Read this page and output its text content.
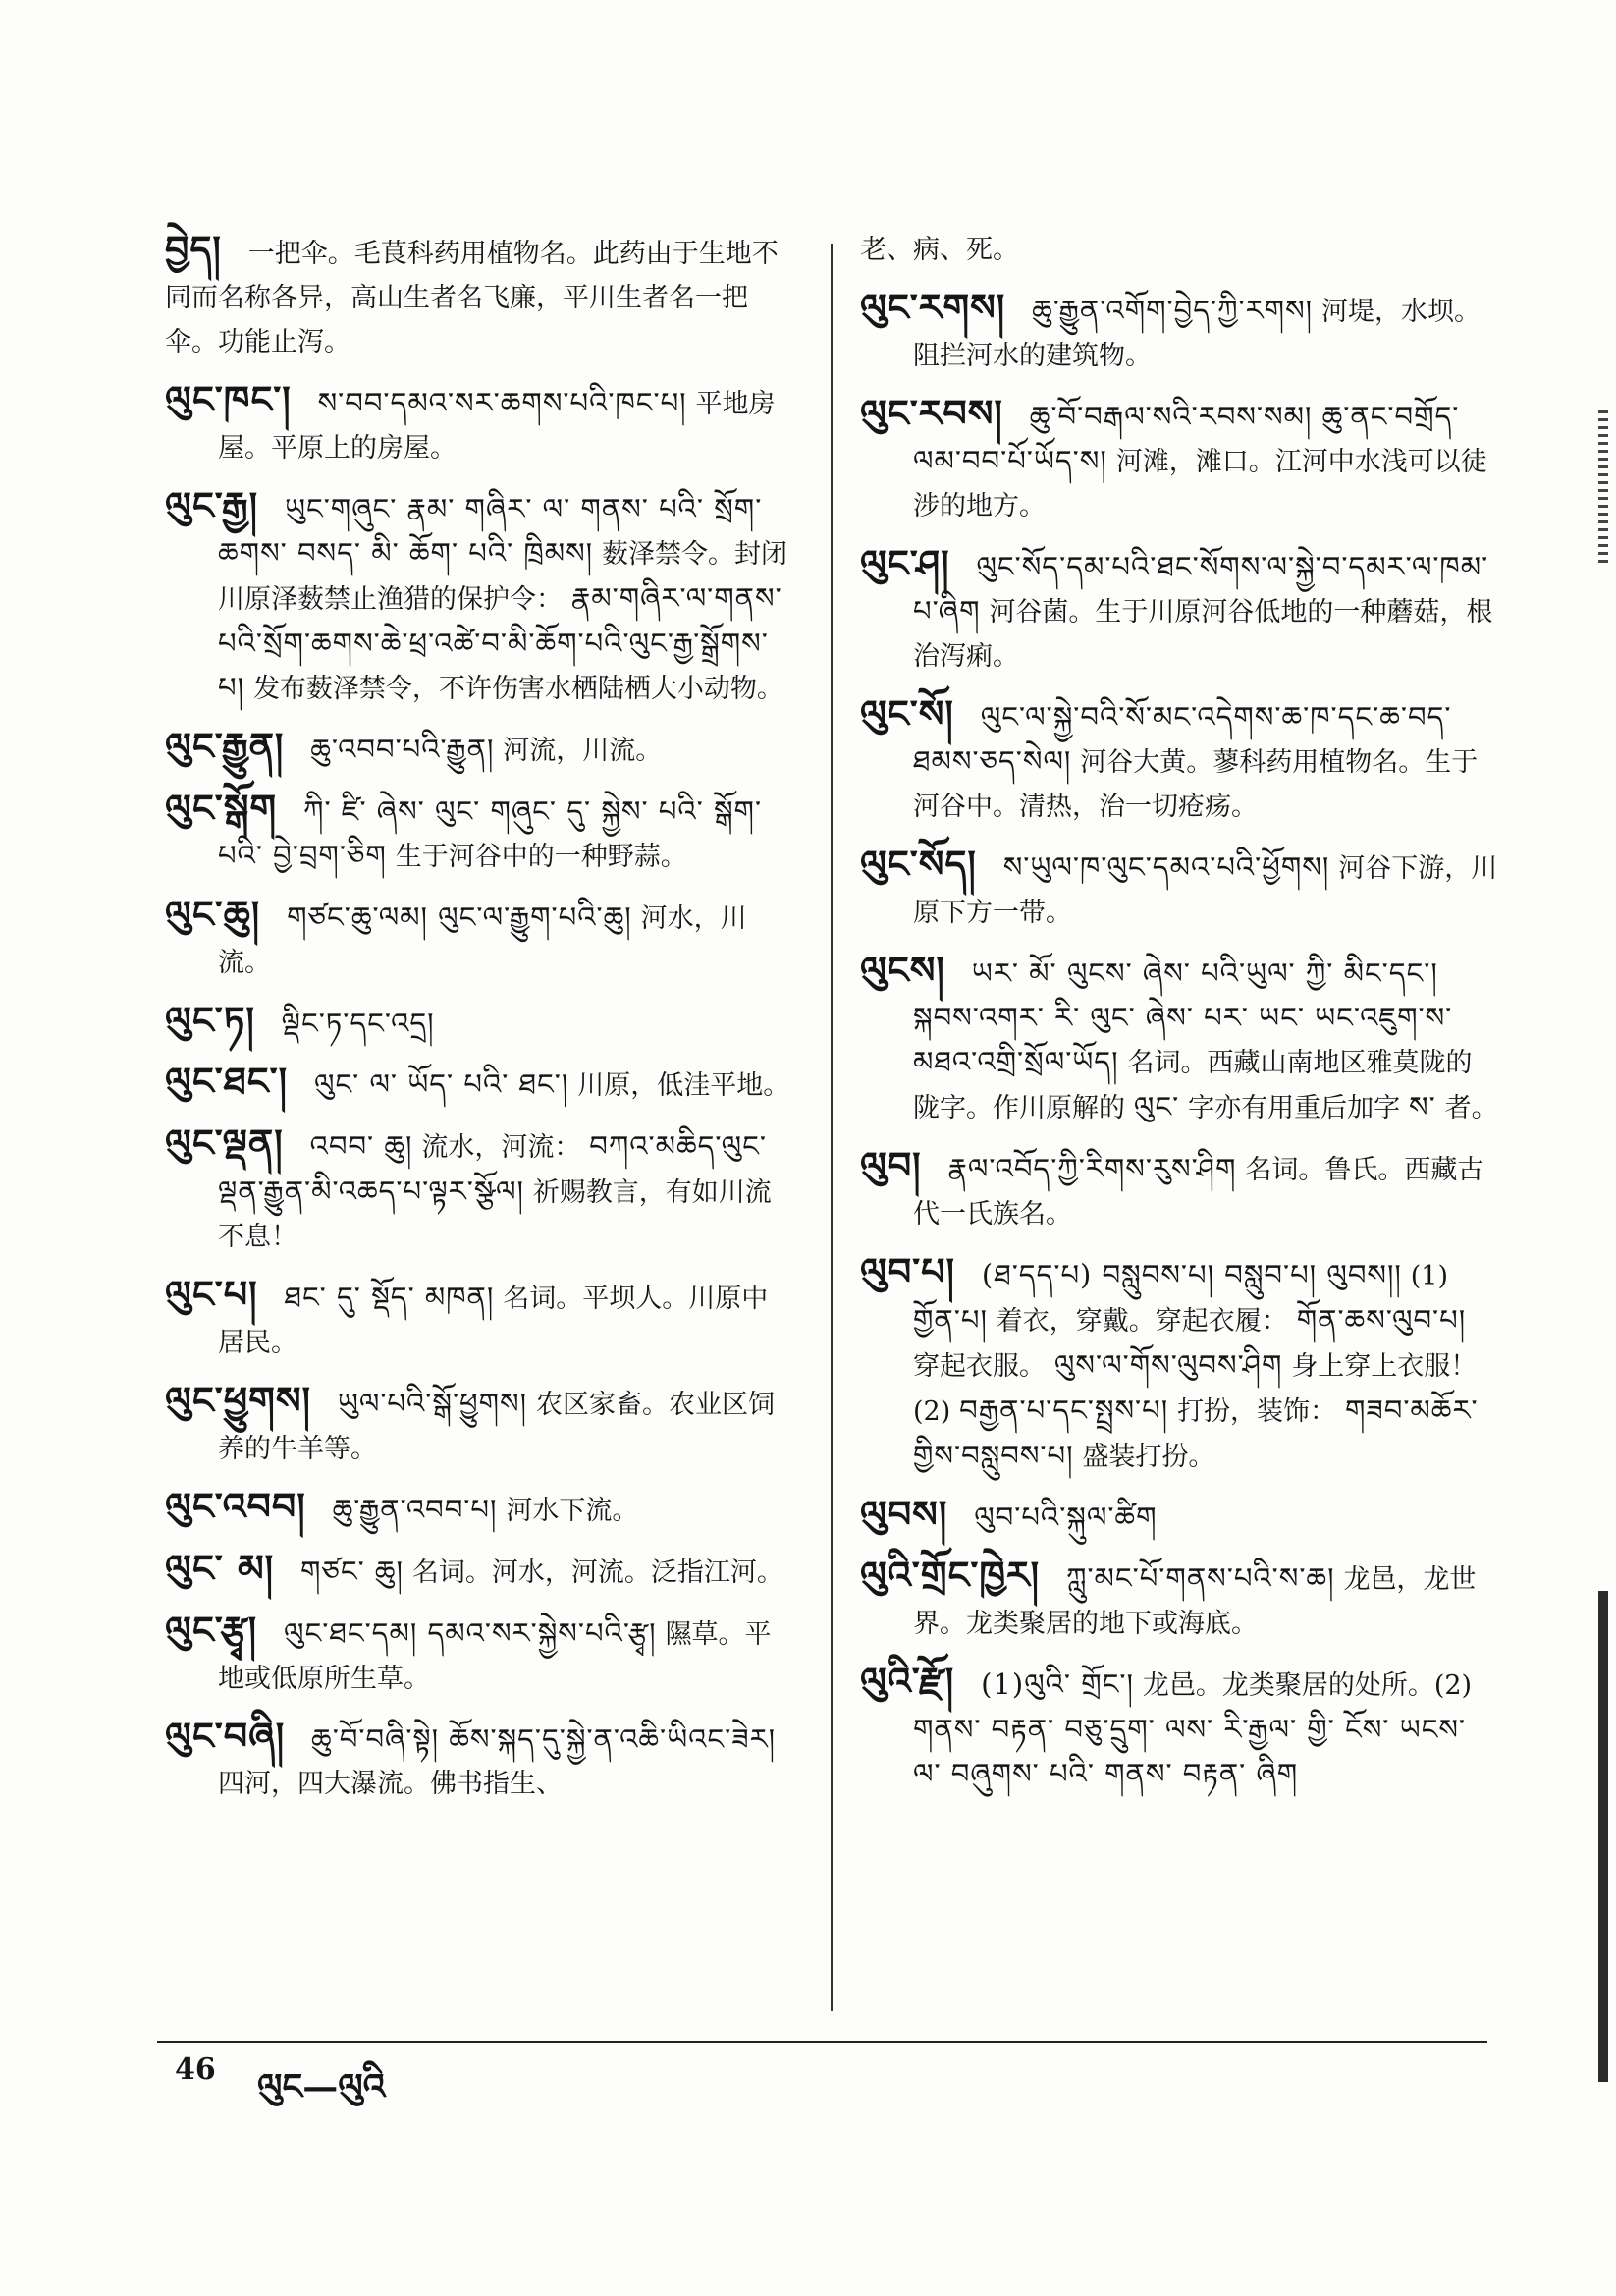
བྱེད། 一把伞。毛茛科药用植物名。此药由于生地不同而名称各异，高山生者名飞廉，平川生者名一把伞。功能止泻。

ལུང་ཁང་། ས་བབ་དམའ་སར་ཆགས་པའི་ཁང་པ། 平地房屋。平原上的房屋。

ལུང་རྒྱ། ཡུང་གཞུང་ རྣམ་ གཞིར་ ལ་ གནས་ པའི་ སྲོག་ ཆགས་ བསད་ མི་ ཆོག་ པའི་ ཁྲིམས། 薮泽禁令。封闭川原泽薮禁止渔猎的保护令： རྣམ་གཞིར་ལ་གནས་པའི་སྲོག་ཆགས་ཆེ་ཕྲ་འཚེ་བ་མི་ཆོག་པའི་ལུང་རྒྱ་སྒྲོགས་པ། 发布薮泽禁令，不许伤害水栖陆栖大小动物。

ལུང་རྒྱུན། ཆུ་འབབ་པའི་རྒྱུན། 河流，川流。

ལུང་སྒོག ཀི་ ཛི་ ཞེས་ ལུང་ གཞུང་ དུ་ སྐྱེས་ པའི་ སྒོག་པའི་ བྱེ་བྲག་ཅིག 生于河谷中的一种野蒜。

ལུང་ཆུ། གཙང་ཆུ་ལམ། ལུང་ལ་རྒྱུག་པའི་ཆུ། 河水，川流。

ལུང་ཏ། ལྡིང་ཏ་དང་འདྲ།

ལུང་ཐང་། ལུང་ ལ་ ཡོད་ པའི་ ཐང་། 川原，低洼平地。

ལུང་ལྡན། འབབ་ ཆུ། 流水，河流： བཀའ་མཆིད་ལུང་ལྡན་རྒྱུན་མི་འཆད་པ་ལྟར་སྩོལ། 祈赐教言，有如川流不息！

ལུང་པ། ཐང་ དུ་ སྡོད་ མཁན། 名词。平坝人。川原中居民。

ལུང་ཕྱུགས། ཡུལ་པའི་སྒོ་ཕྱུགས། 农区家畜。农业区饲养的牛羊等。

ལུང་འབབ། ཆུ་རྒྱུན་འབབ་པ། 河水下流。

ལུང་ མ། གཙང་ ཆུ། 名词。河水，河流。泛指江河。

ལུང་རྩྭ། ལུང་ཐང་དམ། དམའ་སར་སྐྱེས་པའི་རྩྭ། 隰草。平地或低原所生草。

ལུང་བཞི། ཆུ་བོ་བཞི་སྟེ། ཆོས་སྐད་དུ་སྐྱེ་ན་འཆི་ཡིའང་ཟེར། 四河，四大瀑流。佛书指生、

老、病、死。

ལུང་རགས། ཆུ་རྒྱུན་འགོག་བྱེད་ཀྱི་རགས། 河堤，水坝。阻拦河水的建筑物。

ལུང་རབས། ཆུ་བོ་བརྒལ་སའི་རབས་སམ། ཆུ་ནང་བགྲོད་ལམ་བབ་པོ་ཡོད་ས། 河滩，滩口。江河中水浅可以徒涉的地方。

ལུང་ཤ། ལུང་སོད་དམ་པའི་ཐང་སོགས་ལ་སྐྱེ་བ་དམར་ལ་ཁམ་པ་ཞིག 河谷菌。生于川原河谷低地的一种蘑菇，根治泻痢。

ལུང་སོ། ལུང་ལ་སྐྱེ་བའི་སོ་མང་འདེགས་ཆ་ཁ་དང་ཆ་བད་ཐམས་ཅད་སེལ། 河谷大黄。蓼科药用植物名。生于河谷中。清热，治一切疮疡。

ལུང་སོད། ས་ཡུལ་ཁ་ལུང་དམའ་པའི་ཕྱོགས། 河谷下游，川原下方一带。

ལུངས། ཡར་ མོ་ ལུངས་ ཞེས་ པའི་ཡུལ་ ཀྱི་ མིང་དང་། སྐབས་འགར་ རི་ ལུང་ ཞེས་ པར་ ཡང་ ཡང་འཇུག་ས་མཐའ་འགྲི་སྲོལ་ཡོད། 名词。西藏山南地区雅莫陇的陇字。作川原解的 ལུང་ 字亦有用重后加字 ས་ 者。

ལུབ། རྣལ་འབོད་ཀྱི་རིགས་རུས་ཤིག 名词。鲁氏。西藏古代一氏族名。

ལུབ་པ། (ཐ་དད་པ) བསླུབས་པ། བསླུབ་པ། ལུབས།། (1) གྱོན་པ། 着衣，穿戴。穿起衣履： གོན་ཆས་ལུབ་པ། 穿起衣服。 ལུས་ལ་གོས་ལུབས་ཤིག 身上穿上衣服！(2) བརྒྱན་པ་དང་སྤྲས་པ། 打扮，装饰： གཟབ་མཆོར་གྱིས་བསླུབས་པ། 盛装打扮。

ལུབས། ལུབ་པའི་སྐུལ་ཚིག

ལུའི་གྲོང་ཁྱེར། ཀླུ་མང་པོ་གནས་པའི་ས་ཆ། 龙邑，龙世界。龙类聚居的地下或海底。

ལུའི་རྫོ། (1)ལུའི་ གྲོང་། 龙邑。龙类聚居的处所。(2) གནས་ བརྟན་ བཅུ་དྲུག་ ལས་ རི་རྒྱལ་ གྱི་ ངོས་ ཡངས་ ལ་ བཞུགས་ པའི་ གནས་ བརྟན་ ཞིག

46 ལུང—ལུའི
